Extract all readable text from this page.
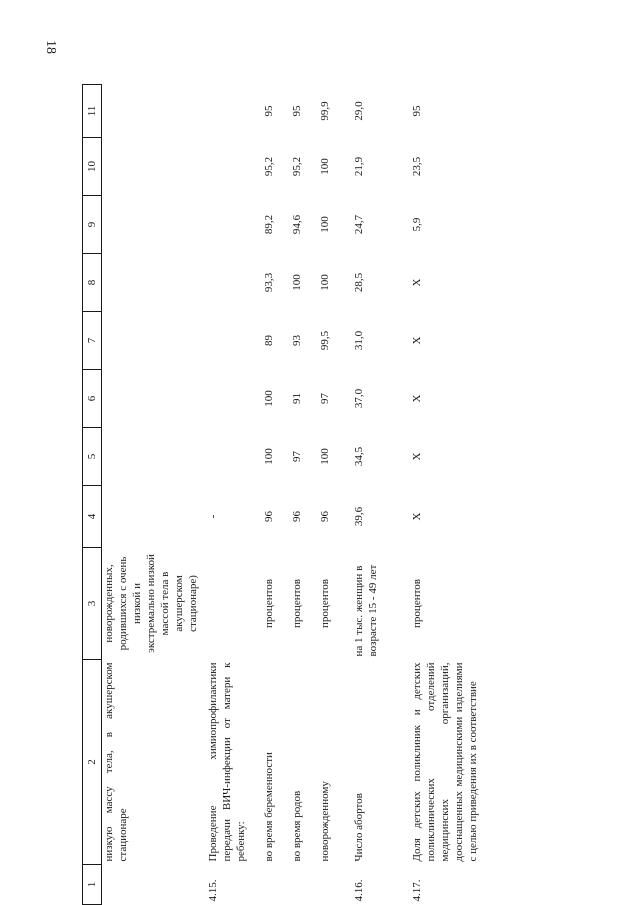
18
1	2	3	4	5	6	7	8	9	10	11
	низкую массу тела, в акушерском стационаре	новорожденных, родившихся с очень низкой и экстремально низкой массой тела в акушерском стационаре)								
4.15.	Проведение химиопрофилактики передачи ВИЧ-инфекции от матери к ребенку:		-							
	во время беременности	процентов	96	100	100	89	93,3	89,2	95,2	95
	во время родов	процентов	96	97	91	93	100	94,6	95,2	95
	новорожденному	процентов	96	100	97	99,5	100	100	100	99,9
4.16.	Число абортов	на 1 тыс. женщин в возрасте 15 - 49 лет	39,6	34,5	37,0	31,0	28,5	24,7	21,9	29,0
4.17.	Доля детских поликлиник и детских поликлинических отделений медицинских организаций, дооснащенных медицинскими изделиями с целью приведения их в соответствие	процентов	X	X	X	X	X	5,9	23,5	95
